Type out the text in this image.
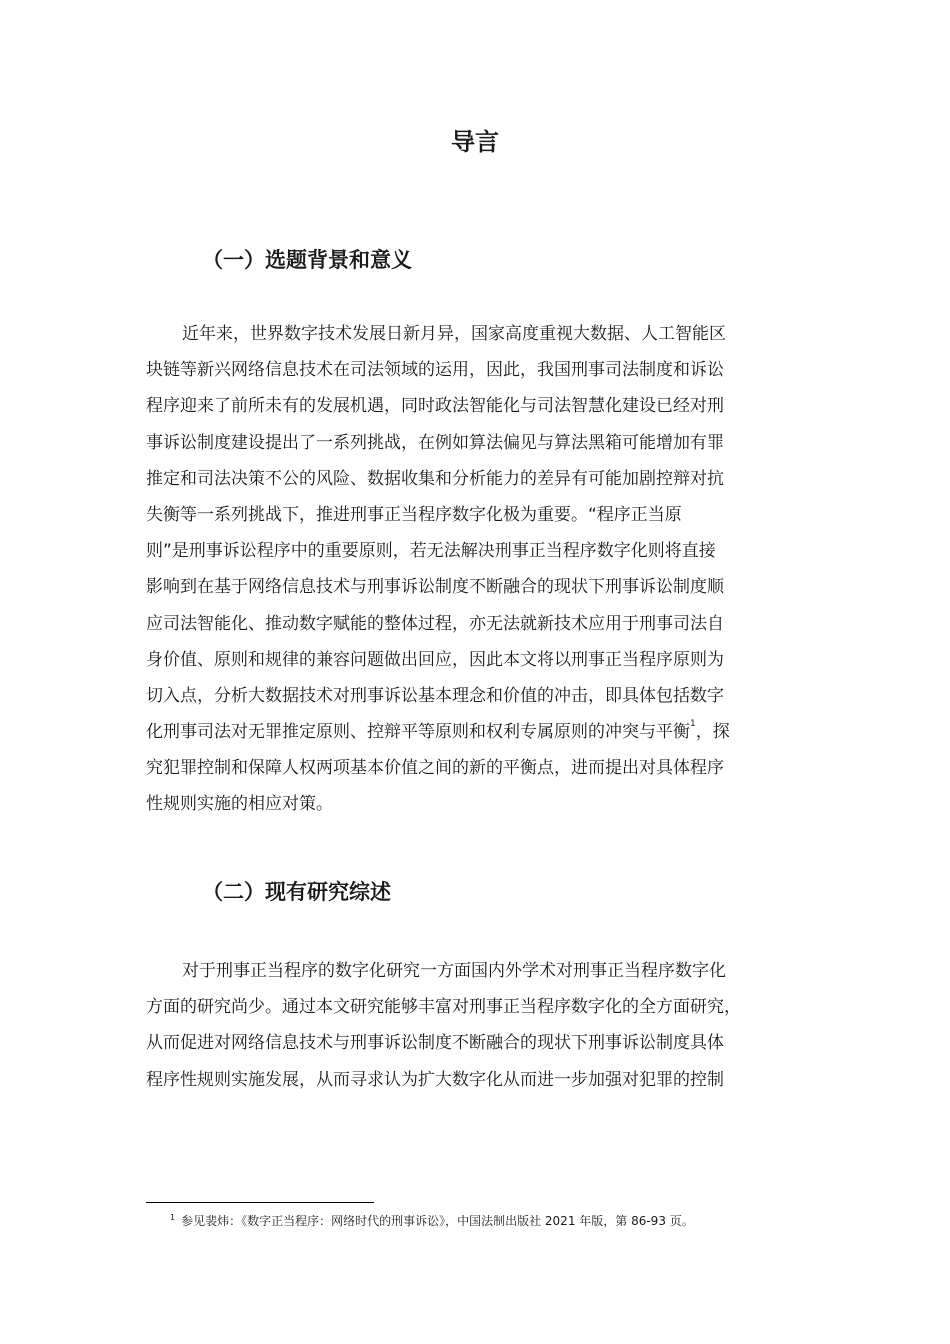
导言
（一）选题背景和意义
近年来，世界数字技术发展日新月异，国家高度重视大数据、人工智能区
块链等新兴网络信息技术在司法领域的运用，因此，我国刑事司法制度和诉讼
程序迎来了前所未有的发展机遇，同时政法智能化与司法智慧化建设已经对刑
事诉讼制度建设提出了一系列挑战，在例如算法偏见与算法黑箱可能增加有罪
推定和司法决策不公的风险、数据收集和分析能力的差异有可能加剧控辩对抗
失衡等一系列挑战下，推进刑事正当程序数字化极为重要。“程序正当原
则”是刑事诉讼程序中的重要原则，若无法解决刑事正当程序数字化则将直接
影响到在基于网络信息技术与刑事诉讼制度不断融合的现状下刑事诉讼制度顺
应司法智能化、推动数字赋能的整体过程，亦无法就新技术应用于刑事司法自
身价值、原则和规律的兼容问题做出回应，因此本文将以刑事正当程序原则为
切入点，分析大数据技术对刑事诉讼基本理念和价值的冲击，即具体包括数字
化刑事司法对无罪推定原则、控辩平等原则和权利专属原则的冲突与平衡$^1$，探
究犯罪控制和保障人权两项基本价值之间的新的平衡点，进而提出对具体程序
性规则实施的相应对策。
（二）现有研究综述
对于刑事正当程序的数字化研究一方面国内外学术对刑事正当程序数字化
方面的研究尚少。通过本文研究能够丰富对刑事正当程序数字化的全方面研究，
从而促进对网络信息技术与刑事诉讼制度不断融合的现状下刑事诉讼制度具体
程序性规则实施发展，从而寻求认为扩大数字化从而进一步加强对犯罪的控制
$^1$ 参见裴炜：《数字正当程序：网络时代的刑事诉讼》，中国法制出版社 2021 年版，第 86-93 页。
